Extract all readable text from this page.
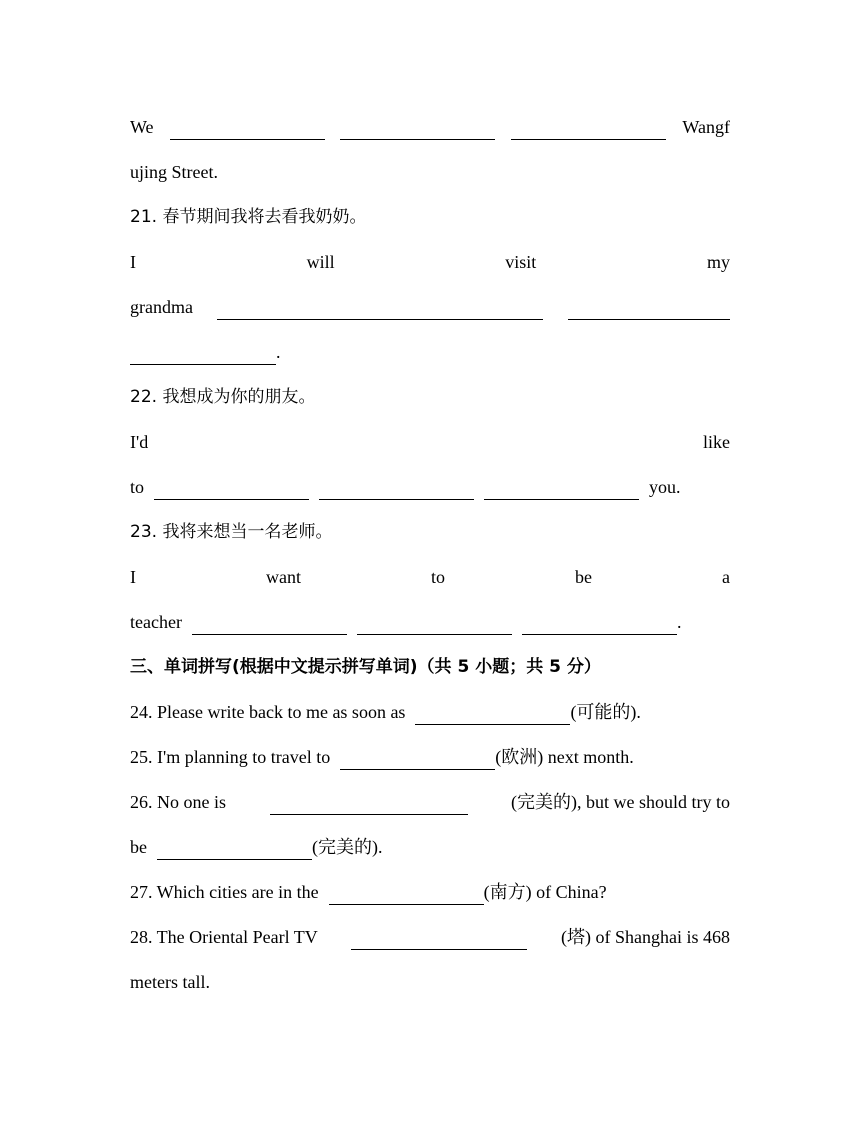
We	Wangf
ujing Street.
21. 春节期间我将去看我奶奶。
I	will	visit	my
grandma
.
22. 我想成为你的朋友。
I'd	like
to	you.
23. 我将来想当一名老师。
I	want	to	be	a
teacher	.
三、单词拼写(根据中文提示拼写单词)（共 5 小题；共 5 分）
24. Please write back to me as soon as	(可能的).
25. I'm planning to travel to	(欧洲) next month.
26. No one is	(完美的), but we should try to
be	(完美的).
27. Which cities are in the	(南方) of China?
28. The Oriental Pearl TV	(塔) of Shanghai is 468
meters tall.
